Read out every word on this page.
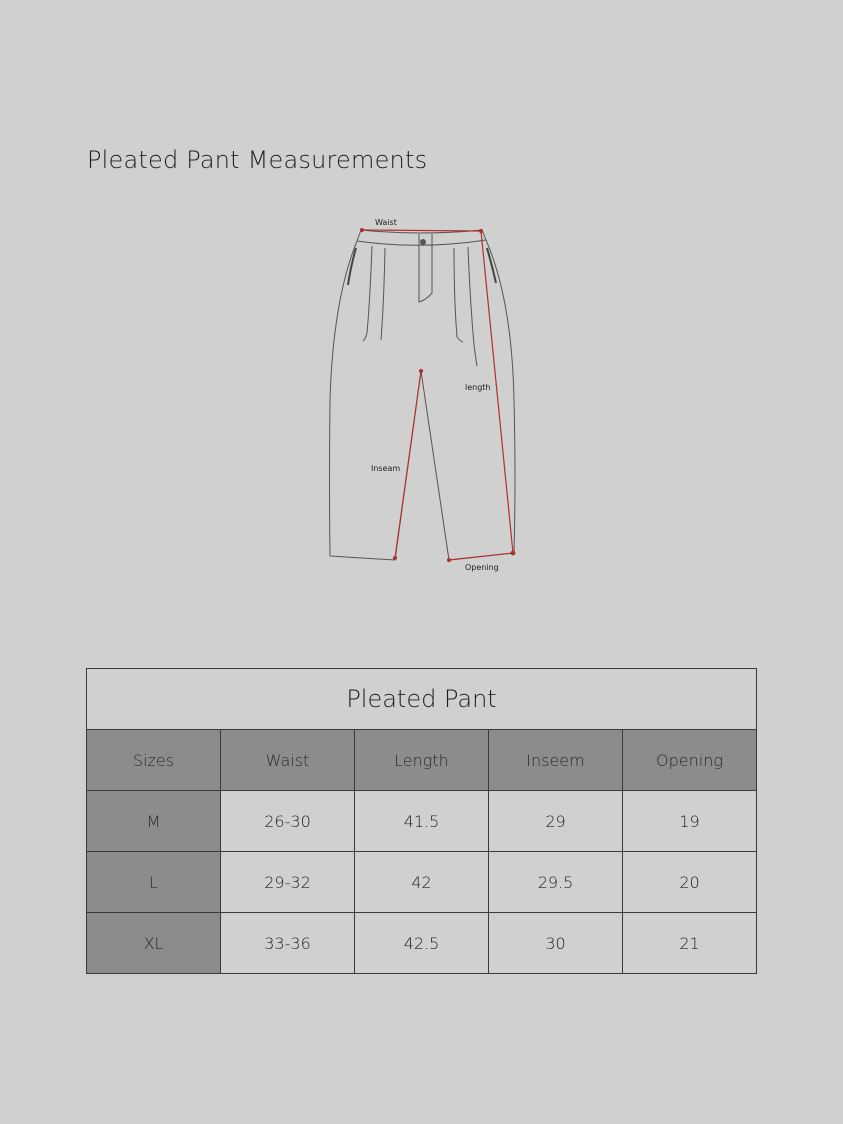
Pleated Pant Measurements
Waist
length
Inseam
Opening
Pleated Pant				
Sizes	Waist	Length	Inseem	Opening
M	26-30	41.5	29	19
L	29-32	42	29.5	20
XL	33-36	42.5	30	21
